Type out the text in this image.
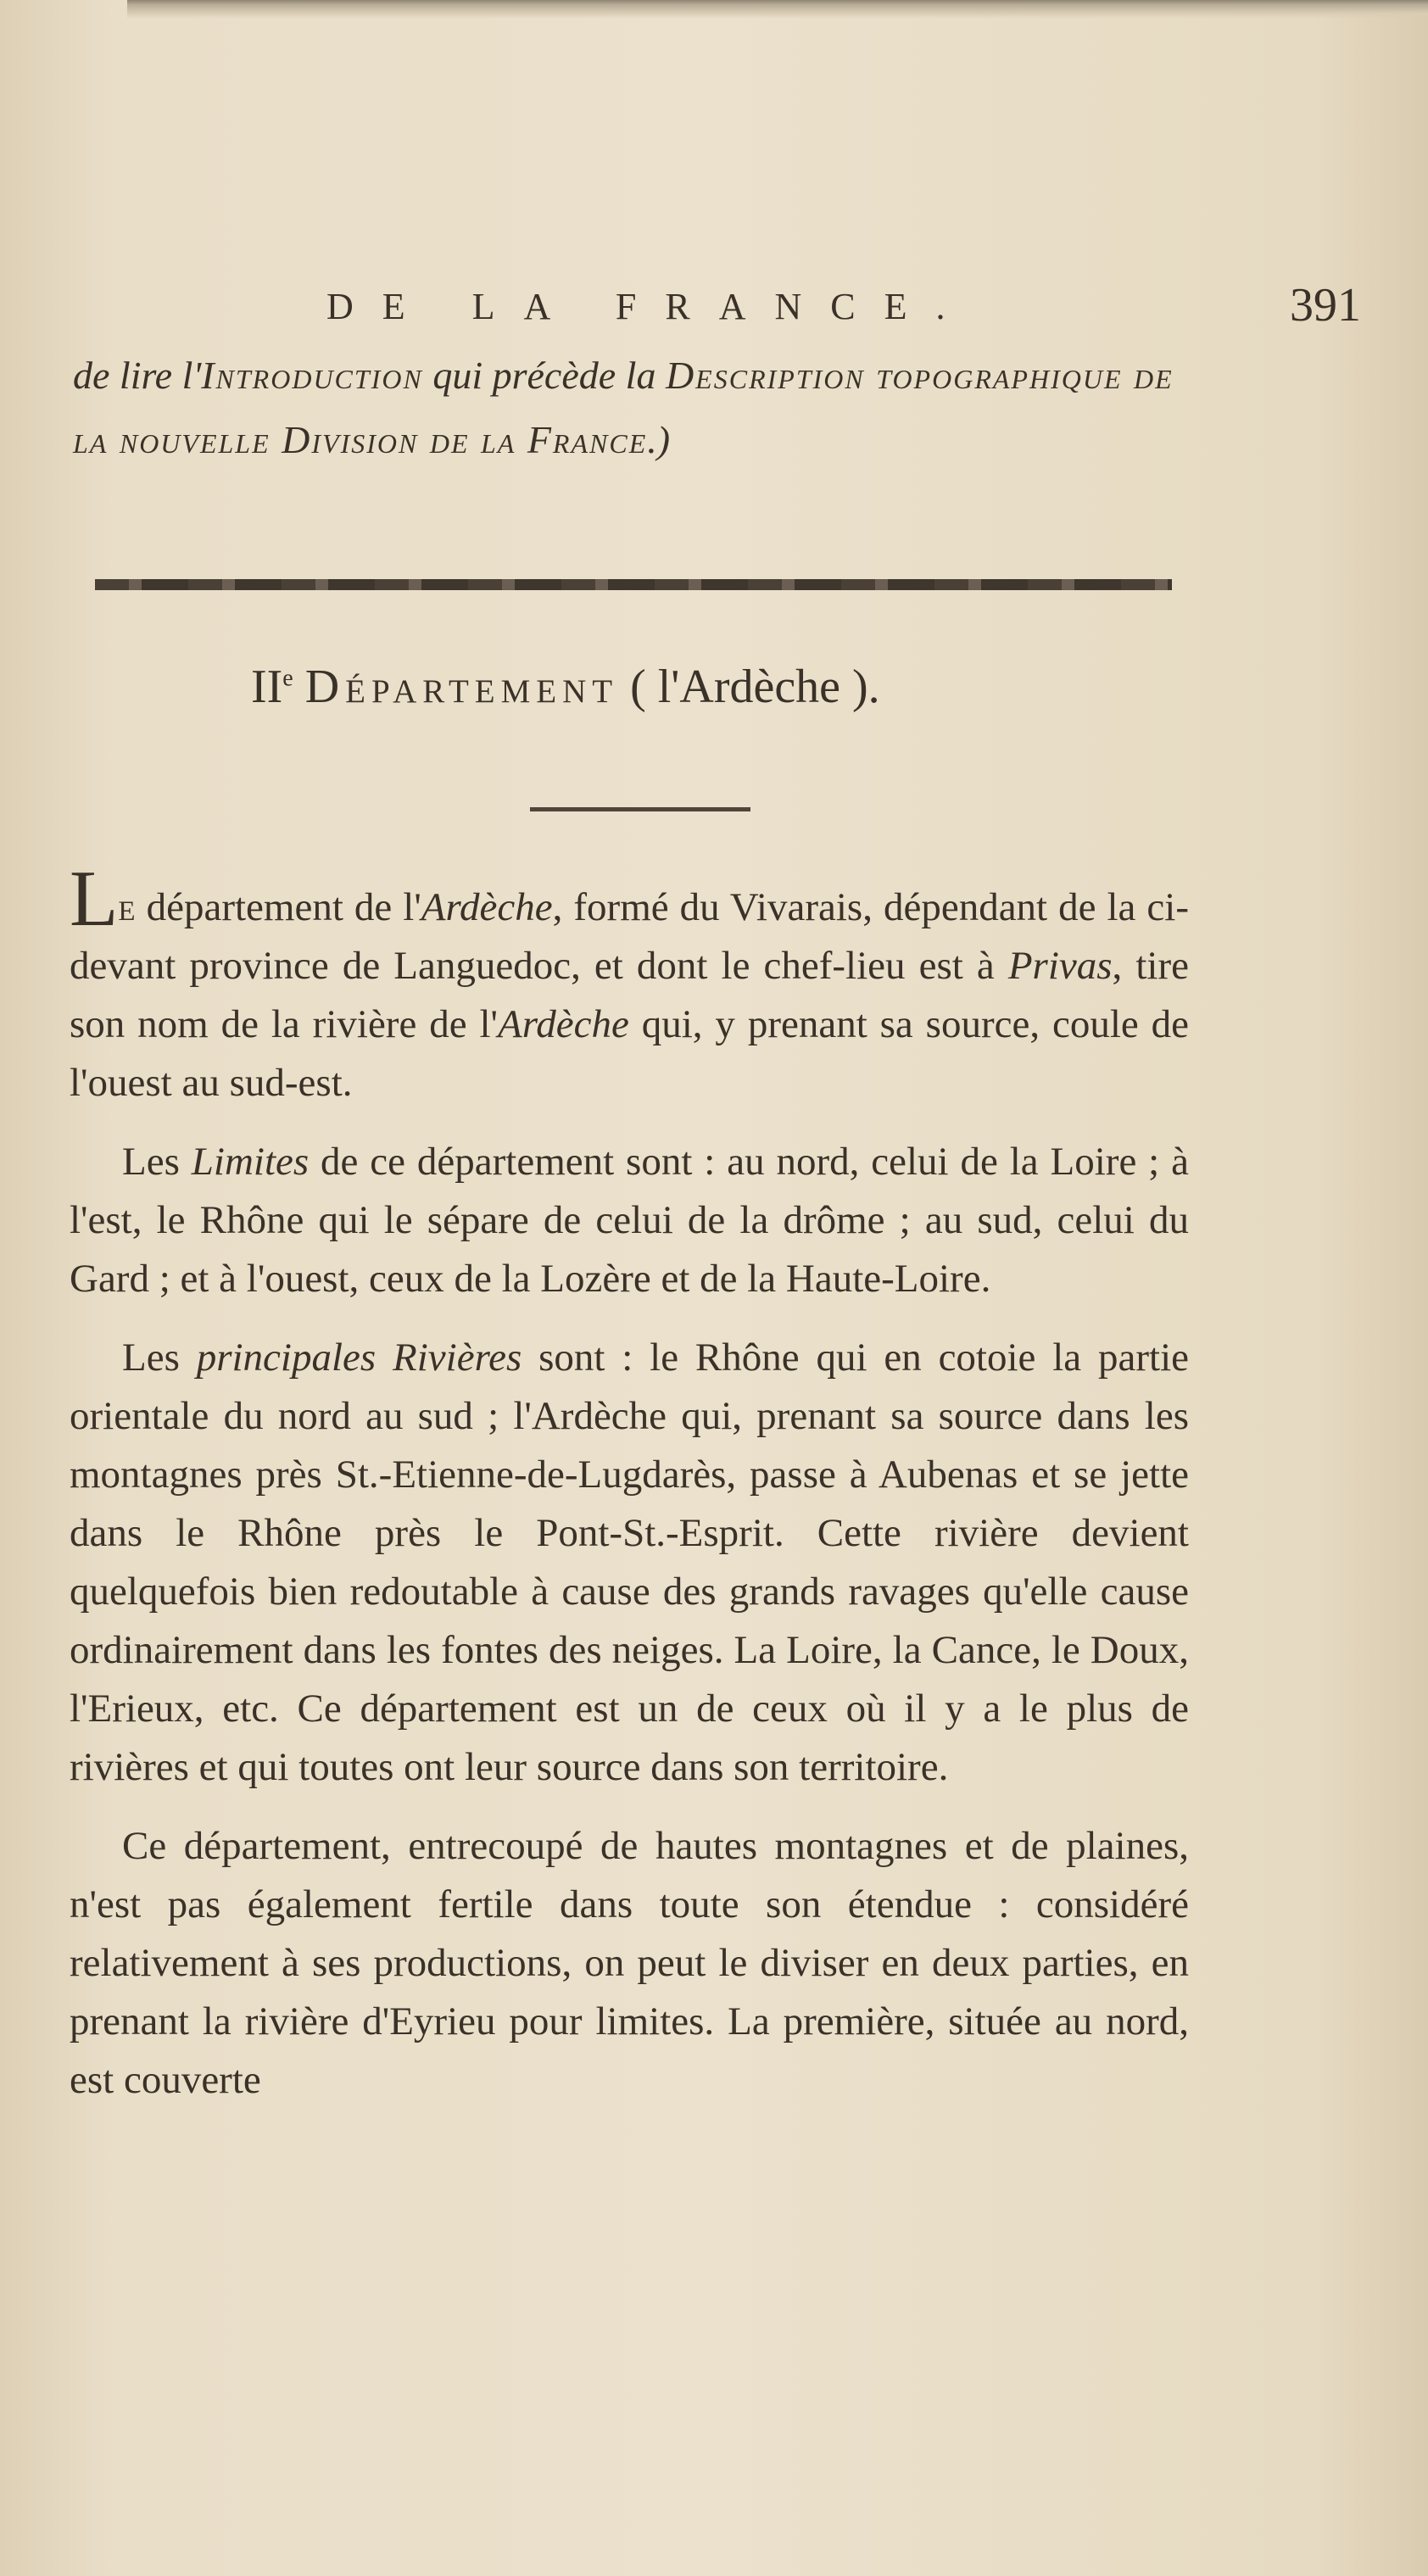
DE LA FRANCE.	391
de lire l'Introduction qui précède la Description topographique de la nouvelle Division de la France.)
IIe Département ( l'Ardèche ).

Le département de l'Ardèche, formé du Vivarais, dépendant de la ci-devant province de Languedoc, et dont le chef-lieu est à Privas, tire son nom de la rivière de l'Ardèche qui, y prenant sa source, coule de l'ouest au sud-est.

Les Limites de ce département sont : au nord, celui de la Loire ; à l'est, le Rhône qui le sépare de celui de la drôme ; au sud, celui du Gard ; et à l'ouest, ceux de la Lozère et de la Haute-Loire.

Les principales Rivières sont : le Rhône qui en cotoie la partie orientale du nord au sud ; l'Ardèche qui, prenant sa source dans les montagnes près St.-Etienne-de-Lugdarès, passe à Aubenas et se jette dans le Rhône près le Pont-St.-Esprit. Cette rivière devient quelquefois bien redoutable à cause des grands ravages qu'elle cause ordinairement dans les fontes des neiges. La Loire, la Cance, le Doux, l'Erieux, etc. Ce département est un de ceux où il y a le plus de rivières et qui toutes ont leur source dans son territoire.

Ce département, entrecoupé de hautes montagnes et de plaines, n'est pas également fertile dans toute son étendue : considéré relativement à ses productions, on peut le diviser en deux parties, en prenant la rivière d'Eyrieu pour limites. La première, située au nord, est couverte
